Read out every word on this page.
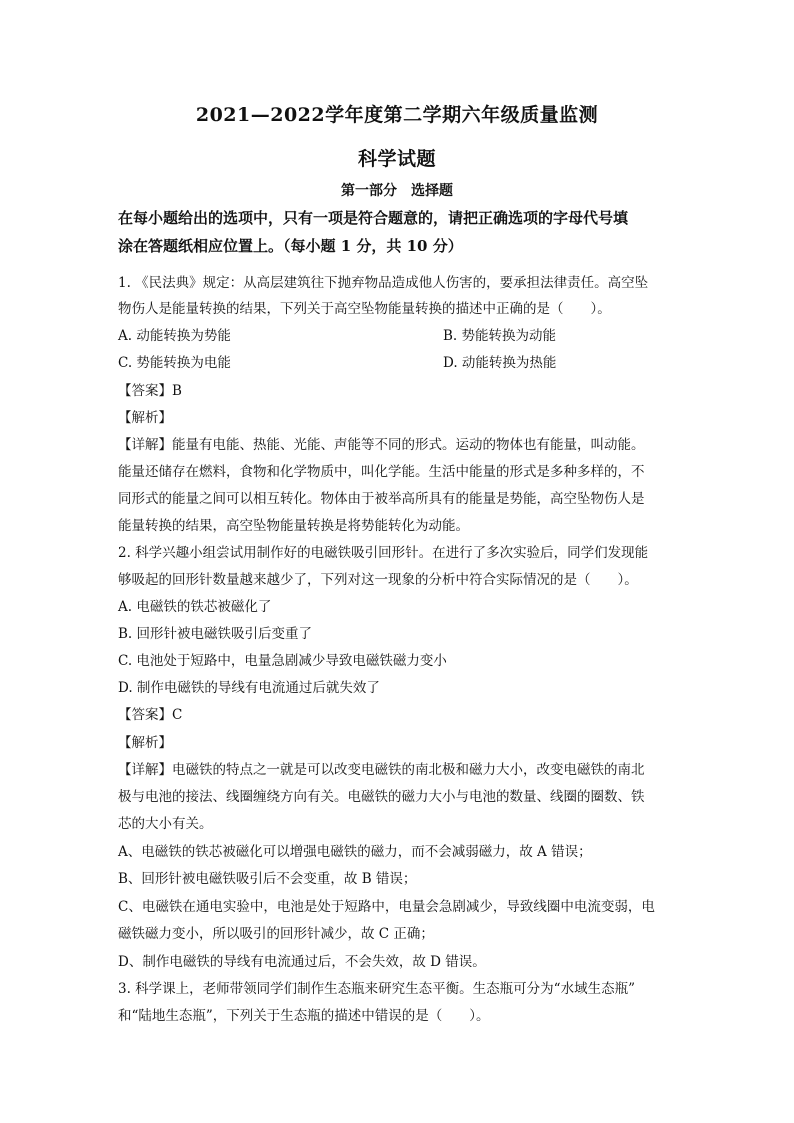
2021—2022学年度第二学期六年级质量监测
科学试题
第一部分　选择题
在每小题给出的选项中，只有一项是符合题意的，请把正确选项的字母代号填
涂在答题纸相应位置上。（每小题 1 分，共 10 分）
1. 《民法典》规定：从高层建筑往下抛弃物品造成他人伤害的，要承担法律责任。高空坠
物伤人是能量转换的结果，下列关于高空坠物能量转换的描述中正确的是（　　）。
A. 动能转换为势能	B. 势能转换为动能
C. 势能转换为电能	D. 动能转换为热能
【答案】B
【解析】
【详解】能量有电能、热能、光能、声能等不同的形式。运动的物体也有能量，叫动能。
能量还储存在燃料，食物和化学物质中，叫化学能。生活中能量的形式是多种多样的，不
同形式的能量之间可以相互转化。物体由于被举高所具有的能量是势能，高空坠物伤人是
能量转换的结果，高空坠物能量转换是将势能转化为动能。
2. 科学兴趣小组尝试用制作好的电磁铁吸引回形针。在进行了多次实验后，同学们发现能
够吸起的回形针数量越来越少了，下列对这一现象的分析中符合实际情况的是（　　）。
A. 电磁铁的铁芯被磁化了
B. 回形针被电磁铁吸引后变重了
C. 电池处于短路中，电量急剧减少导致电磁铁磁力变小
D. 制作电磁铁的导线有电流通过后就失效了
【答案】C
【解析】
【详解】电磁铁的特点之一就是可以改变电磁铁的南北极和磁力大小，改变电磁铁的南北
极与电池的接法、线圈缠绕方向有关。电磁铁的磁力大小与电池的数量、线圈的圈数、铁
芯的大小有关。
A、电磁铁的铁芯被磁化可以增强电磁铁的磁力，而不会减弱磁力，故 A 错误；
B、回形针被电磁铁吸引后不会变重，故 B 错误；
C、电磁铁在通电实验中，电池是处于短路中，电量会急剧减少，导致线圈中电流变弱，电
磁铁磁力变小，所以吸引的回形针减少，故 C 正确；
D、制作电磁铁的导线有电流通过后，不会失效，故 D 错误。
3. 科学课上，老师带领同学们制作生态瓶来研究生态平衡。生态瓶可分为“水域生态瓶”
和“陆地生态瓶”，下列关于生态瓶的描述中错误的是（　　）。
